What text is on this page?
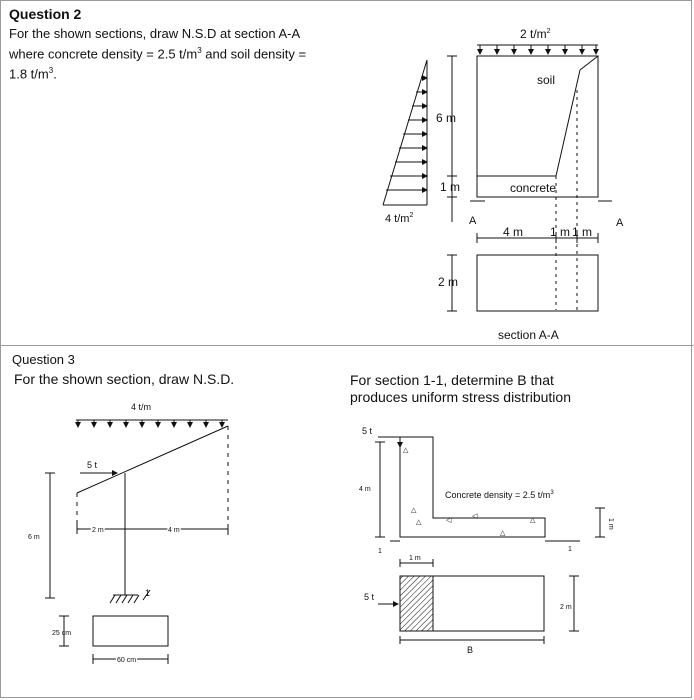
Question 2
For the shown sections, draw N.S.D at section A-A
where concrete density = 2.5 $t/m^3$ and soil density =
1.8 $t/m^3$.
Question 3
For the shown section, draw N.S.D.	For section 1-1, determine B that
produces uniform stress distribution
2 $t/m^2$
soil
concrete
4 $t/m^2$
6 m
1 m
A	A
4 m 1 m 1 m
2 m
section A-A
4 t/m
5 t
1
6 m
2 m	4 m
25 cm
60 cm
5 t
△
△
△	◁
◁
△
△
4 m
Concrete density = 2.5 $t/m^3$
1 m
1	1
1 m
5 t
2 m
B
